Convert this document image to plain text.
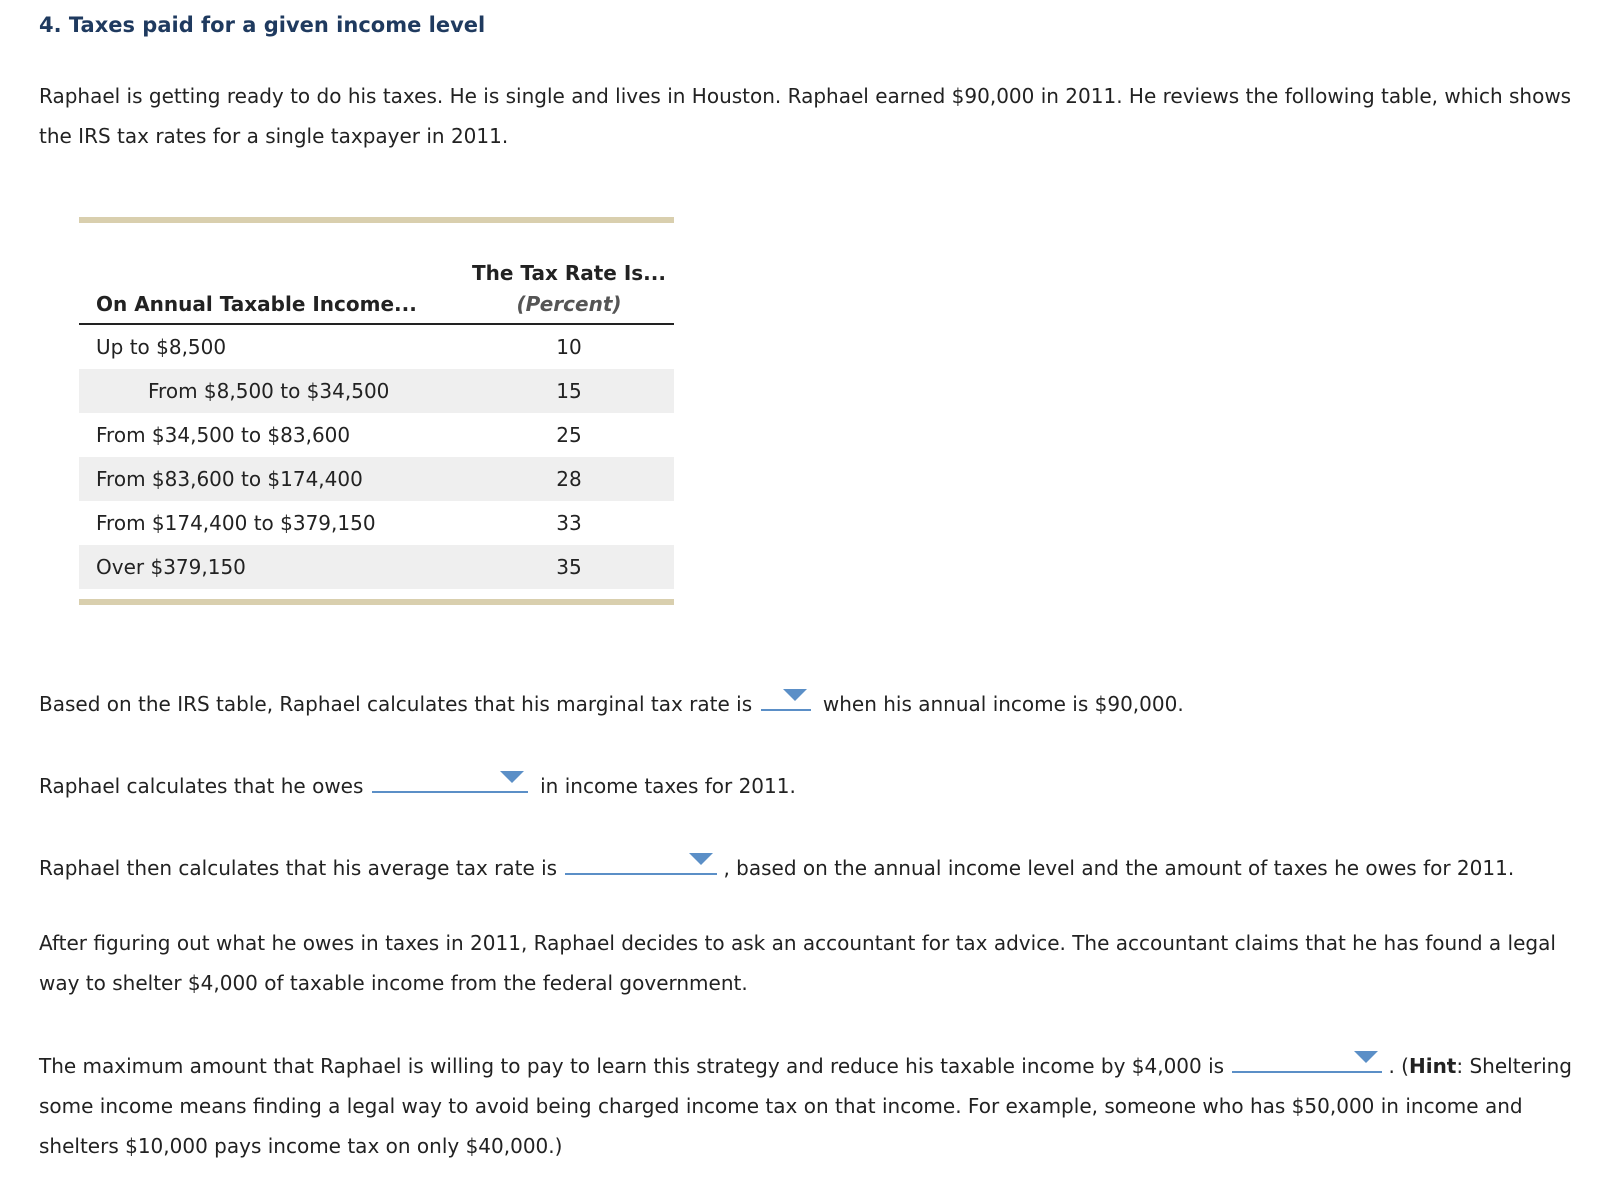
4. Taxes paid for a given income level

Raphael is getting ready to do his taxes. He is single and lives in Houston. Raphael earned $90,000 in 2011. He reviews the following table, which shows the IRS tax rates for a single taxpayer in 2011.

	The Tax Rate Is...
On Annual Taxable Income...	(Percent)
Up to $8,500	10
From $8,500 to $34,500	15
From $34,500 to $83,600	25
From $83,600 to $174,400	28
From $174,400 to $379,150	33
Over $379,150	35

Based on the IRS table, Raphael calculates that his marginal tax rate is	when his annual income is $90,000.

Raphael calculates that he owes	in income taxes for 2011.

Raphael then calculates that his average tax rate is	, based on the annual income level and the amount of taxes he owes for 2011.

After figuring out what he owes in taxes in 2011, Raphael decides to ask an accountant for tax advice. The accountant claims that he has found a legal way to shelter $4,000 of taxable income from the federal government.

The maximum amount that Raphael is willing to pay to learn this strategy and reduce his taxable income by $4,000 is	. (Hint: Sheltering some income means finding a legal way to avoid being charged income tax on that income. For example, someone who has $50,000 in income and shelters $10,000 pays income tax on only $40,000.)
